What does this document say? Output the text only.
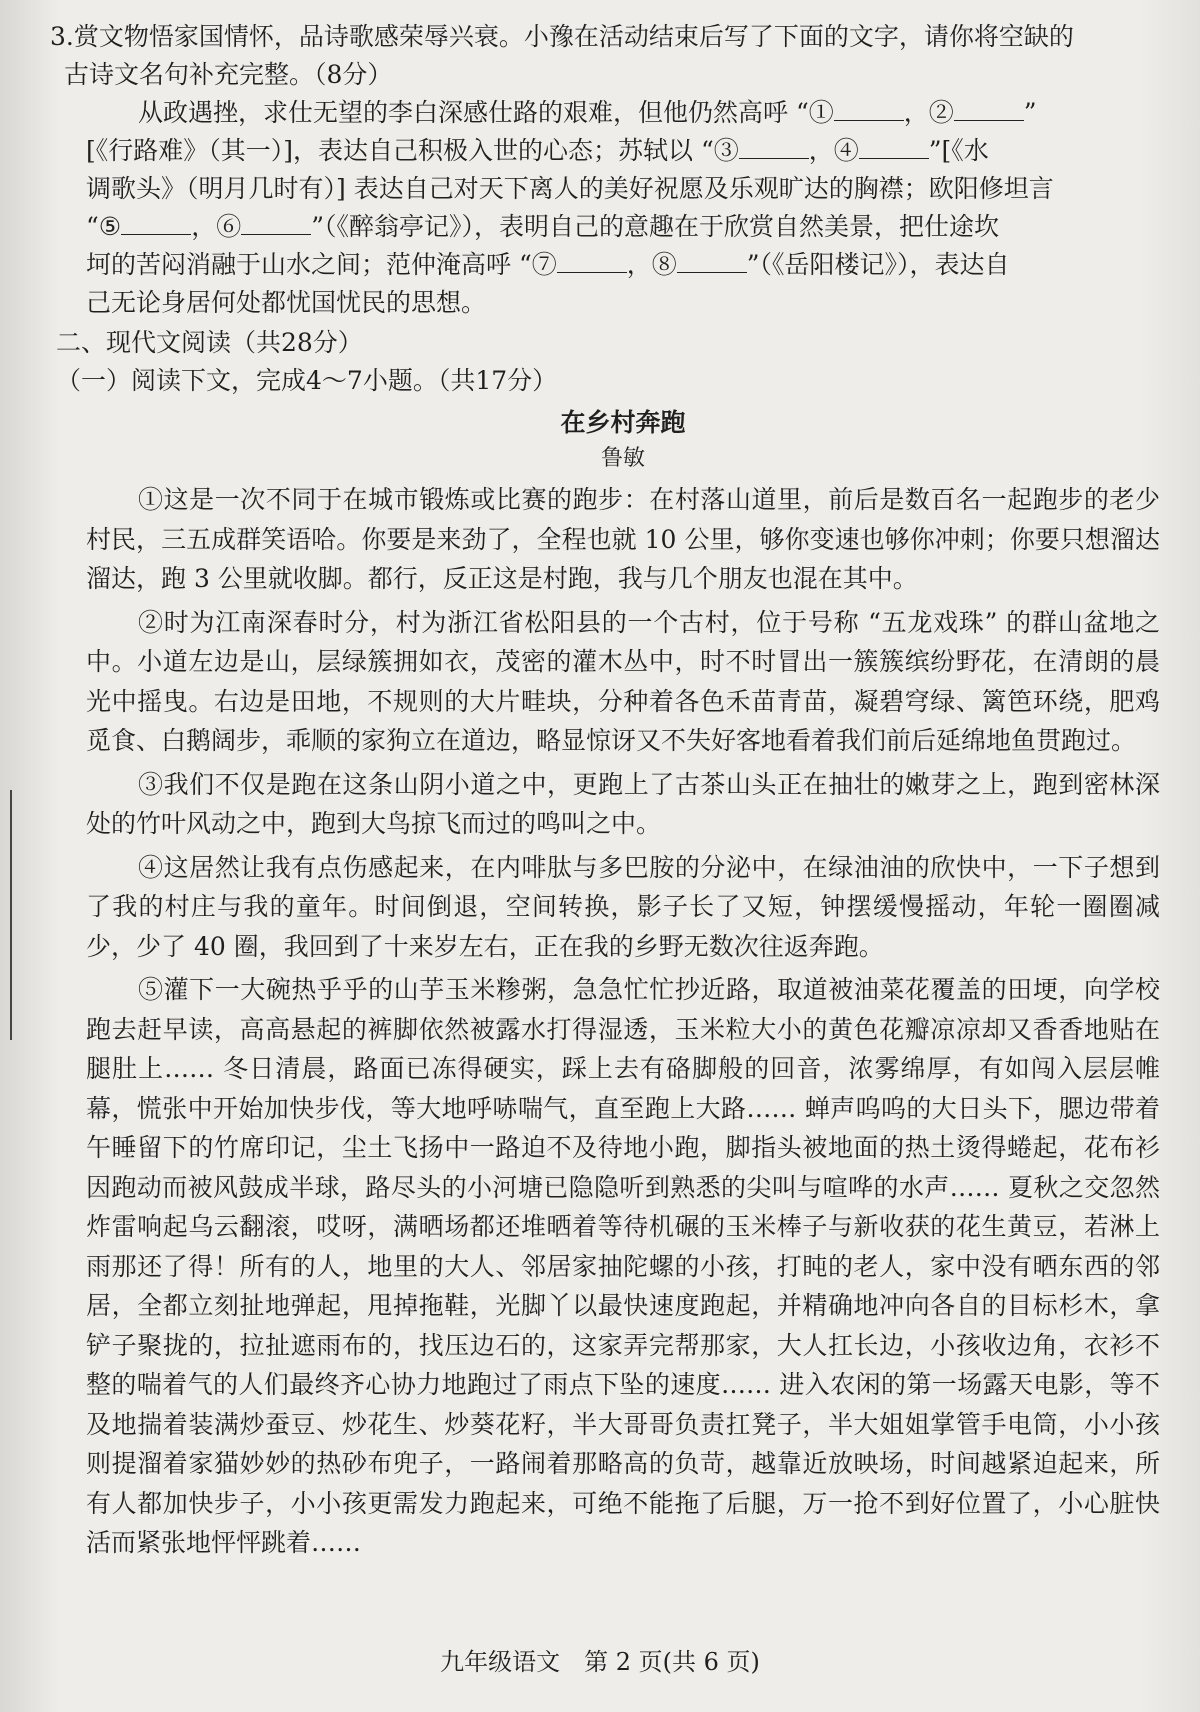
3.赏文物悟家国情怀，品诗歌感荣辱兴衰。小豫在活动结束后写了下面的文字，请你将空缺的
古诗文名句补充完整。（8分）
从政遇挫，求仕无望的李白深感仕路的艰难，但他仍然高呼 “①	，②	”
[《行路难》（其一）]，表达自己积极入世的心态；苏轼以 “③	，④	”[《水
调歌头》（明月几时有）] 表达自己对天下离人的美好祝愿及乐观旷达的胸襟；欧阳修坦言
“⑤	，⑥	”（《醉翁亭记》），表明自己的意趣在于欣赏自然美景，把仕途坎
坷的苦闷消融于山水之间；范仲淹高呼 “⑦	，⑧	”（《岳阳楼记》），表达自
己无论身居何处都忧国忧民的思想。
二、现代文阅读（共28分）
（一）阅读下文，完成4～7小题。（共17分）
在乡村奔跑
鲁敏

①这是一次不同于在城市锻炼或比赛的跑步：在村落山道里，前后是数百名一起跑步的老少村民，三五成群笑语哈。你要是来劲了，全程也就 10 公里，够你变速也够你冲刺；你要只想溜达溜达，跑 3 公里就收脚。都行，反正这是村跑，我与几个朋友也混在其中。

②时为江南深春时分，村为浙江省松阳县的一个古村，位于号称 “五龙戏珠” 的群山盆地之中。小道左边是山，层绿簇拥如衣，茂密的灌木丛中，时不时冒出一簇簇缤纷野花，在清朗的晨光中摇曳。右边是田地，不规则的大片畦块，分种着各色禾苗青苗，凝碧穹绿、篱笆环绕，肥鸡觅食、白鹅阔步，乖顺的家狗立在道边，略显惊讶又不失好客地看着我们前后延绵地鱼贯跑过。

③我们不仅是跑在这条山阴小道之中，更跑上了古茶山头正在抽壮的嫩芽之上，跑到密林深处的竹叶风动之中，跑到大鸟掠飞而过的鸣叫之中。

④这居然让我有点伤感起来，在内啡肽与多巴胺的分泌中，在绿油油的欣快中，一下子想到了我的村庄与我的童年。时间倒退，空间转换，影子长了又短，钟摆缓慢摇动，年轮一圈圈减少，少了 40 圈，我回到了十来岁左右，正在我的乡野无数次往返奔跑。

⑤灌下一大碗热乎乎的山芋玉米糁粥，急急忙忙抄近路，取道被油菜花覆盖的田埂，向学校跑去赶早读，高高悬起的裤脚依然被露水打得湿透，玉米粒大小的黄色花瓣凉凉却又香香地贴在腿肚上…… 冬日清晨，路面已冻得硬实，踩上去有硌脚般的回音，浓雾绵厚，有如闯入层层帷幕，慌张中开始加快步伐，等大地呼哧喘气，直至跑上大路…… 蝉声呜呜的大日头下，腮边带着午睡留下的竹席印记，尘土飞扬中一路迫不及待地小跑，脚指头被地面的热土烫得蜷起，花布衫因跑动而被风鼓成半球，路尽头的小河塘已隐隐听到熟悉的尖叫与喧哗的水声…… 夏秋之交忽然炸雷响起乌云翻滚，哎呀，满晒场都还堆晒着等待机碾的玉米棒子与新收获的花生黄豆，若淋上雨那还了得！所有的人，地里的大人、邻居家抽陀螺的小孩，打盹的老人，家中没有晒东西的邻居，全都立刻扯地弹起，甩掉拖鞋，光脚丫以最快速度跑起，并精确地冲向各自的目标杉木，拿铲子聚拢的，拉扯遮雨布的，找压边石的，这家弄完帮那家，大人扛长边，小孩收边角，衣衫不整的喘着气的人们最终齐心协力地跑过了雨点下坠的速度…… 进入农闲的第一场露天电影，等不及地揣着装满炒蚕豆、炒花生、炒葵花籽，半大哥哥负责扛凳子，半大姐姐掌管手电筒，小小孩则提溜着家猫妙妙的热砂布兜子，一路闹着那略高的负苛，越靠近放映场，时间越紧迫起来，所有人都加快步子，小小孩更需发力跑起来，可绝不能拖了后腿，万一抢不到好位置了，小心脏快活而紧张地怦怦跳着……

九年级语文　第 2 页(共 6 页)
